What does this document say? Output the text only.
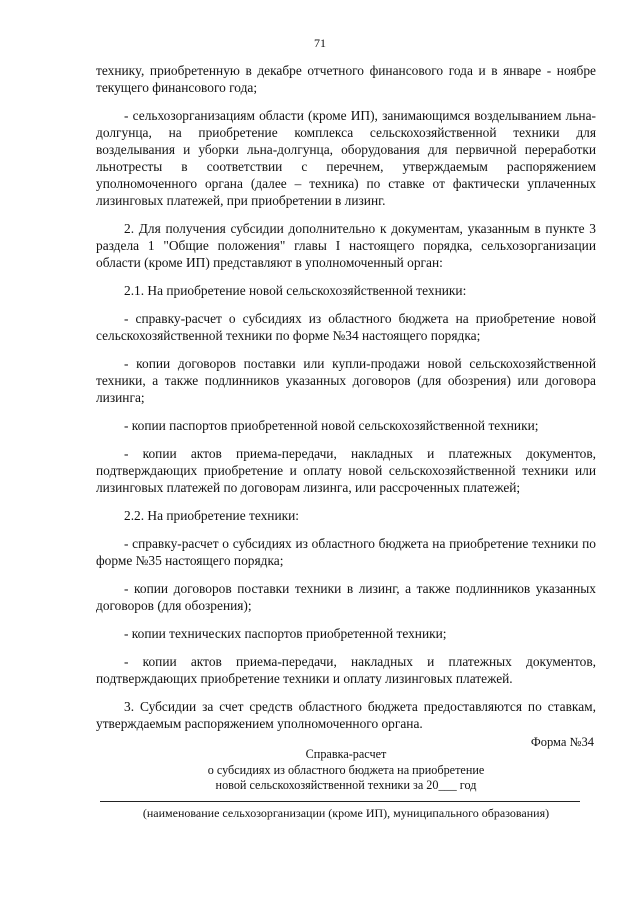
71

техникy, приобретенную в декабре отчетного финансового года и в январе - ноябре текущего финансового года;

- сельхозорганизациям области (кроме ИП), занимающимся возделыванием льна-долгунца, на приобретение комплекса сельскохозяйственной техники для возделывания и уборки льна-долгунца, оборудования для первичной переработки льнотресты в соответствии с перечнем, утверждаемым распоряжением уполномоченного органа (далее – техника) по ставке от фактически уплаченных лизинговых платежей, при приобретении в лизинг.

2. Для получения субсидии дополнительно к документам, указанным в пункте 3 раздела 1 "Общие положения" главы I настоящего порядка, сельхозорганизации области (кроме ИП) представляют в уполномоченный орган:

2.1. На приобретение новой сельскохозяйственной техники:

- справку-расчет о субсидиях из областного бюджета на приобретение новой сельскохозяйственной техники по форме №34 настоящего порядка;

- копии договоров поставки или купли-продажи новой сельскохозяйственной техники, а также подлинников указанных договоров (для обозрения) или договора лизинга;

- копии паспортов приобретенной новой сельскохозяйственной техники;

- копии актов приема-передачи, накладных и платежных документов, подтверждающих приобретение и оплату новой сельскохозяйственной техники или лизинговых платежей по договорам лизинга, или рассроченных платежей;

2.2. На приобретение техники:

- справку-расчет о субсидиях из областного бюджета на приобретение техники по форме №35 настоящего порядка;

- копии договоров поставки техники в лизинг, а также подлинников указанных договоров (для обозрения);

- копии технических паспортов приобретенной техники;

- копии актов приема-передачи, накладных и платежных документов, подтверждающих приобретение техники и оплату лизинговых платежей.

3. Субсидии за счет средств областного бюджета предоставляются по ставкам, утверждаемым распоряжением уполномоченного органа.

Форма №34
Справка-расчет
о субсидиях из областного бюджета на приобретение
новой сельскохозяйственной техники за 20___ год
(наименование сельхозорганизации (кроме ИП), муниципального образования)
